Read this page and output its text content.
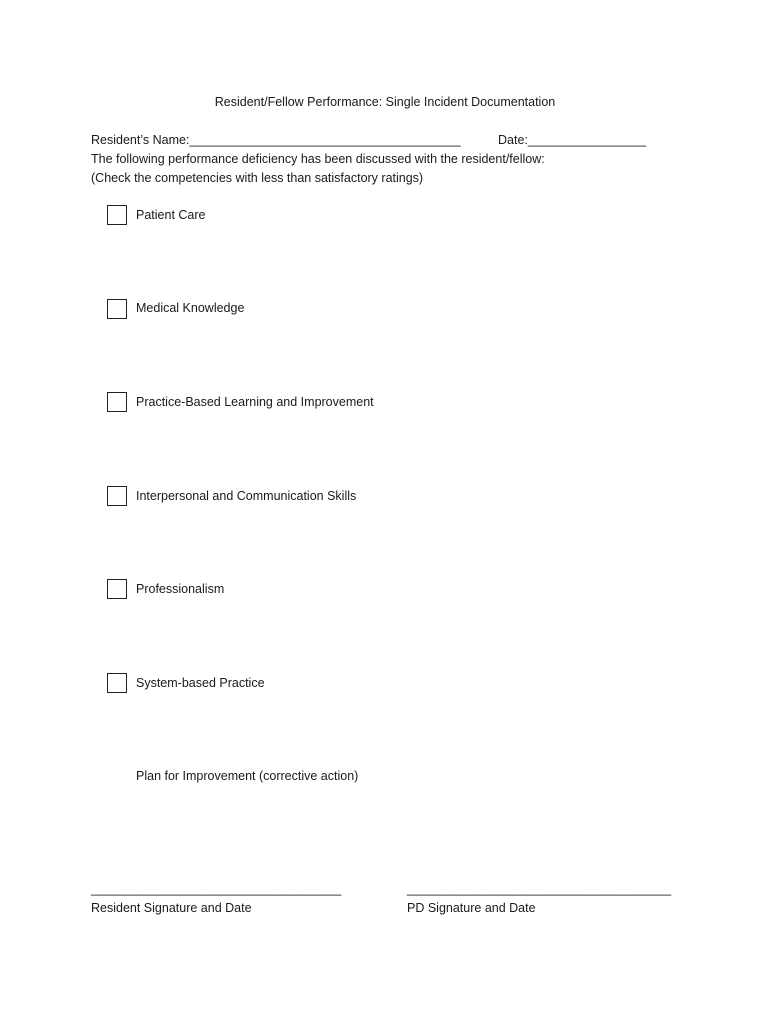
Resident/Fellow Performance: Single Incident Documentation
Resident’s Name:_______________________________________	Date:_________________
The following performance deficiency has been discussed with the resident/fellow:
(Check the competencies with less than satisfactory ratings)
Patient Care
Medical Knowledge
Practice-Based Learning and Improvement
Interpersonal and Communication Skills
Professionalism
System-based Practice
Plan for Improvement (corrective action)
____________________________________
Resident Signature and Date
______________________________________
PD Signature and Date
